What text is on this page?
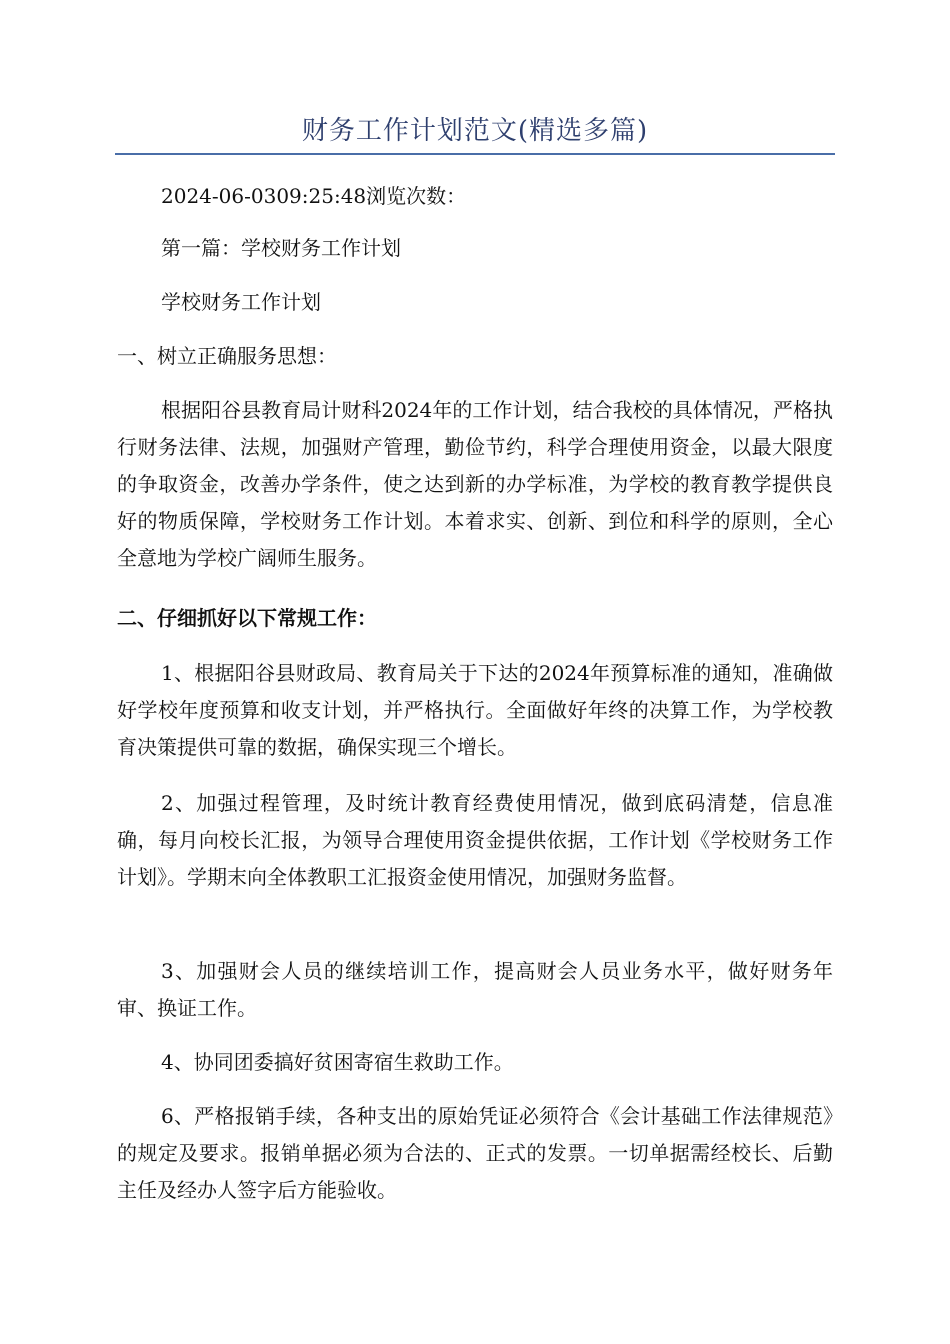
财务工作计划范文(精选多篇)

2024-06-0309:25:48浏览次数：

第一篇：学校财务工作计划

学校财务工作计划

一、树立正确服务思想：

根据阳谷县教育局计财科2024年的工作计划，结合我校的具体情况，严格执行财务法律、法规，加强财产管理，勤俭节约，科学合理使用资金，以最大限度的争取资金，改善办学条件，使之达到新的办学标准，为学校的教育教学提供良好的物质保障，学校财务工作计划。本着求实、创新、到位和科学的原则，全心全意地为学校广阔师生服务。

二、仔细抓好以下常规工作：

1、根据阳谷县财政局、教育局关于下达的2024年预算标准的通知，准确做好学校年度预算和收支计划，并严格执行。全面做好年终的决算工作，为学校教育决策提供可靠的数据，确保实现三个增长。

2、加强过程管理，及时统计教育经费使用情况，做到底码清楚，信息准确，每月向校长汇报，为领导合理使用资金提供依据，工作计划《学校财务工作计划》。学期末向全体教职工汇报资金使用情况，加强财务监督。

3、加强财会人员的继续培训工作，提高财会人员业务水平，做好财务年审、换证工作。

4、协同团委搞好贫困寄宿生救助工作。

6、严格报销手续，各种支出的原始凭证必须符合《会计基础工作法律规范》的规定及要求。报销单据必须为合法的、正式的发票。一切单据需经校长、后勤主任及经办人签字后方能验收。
